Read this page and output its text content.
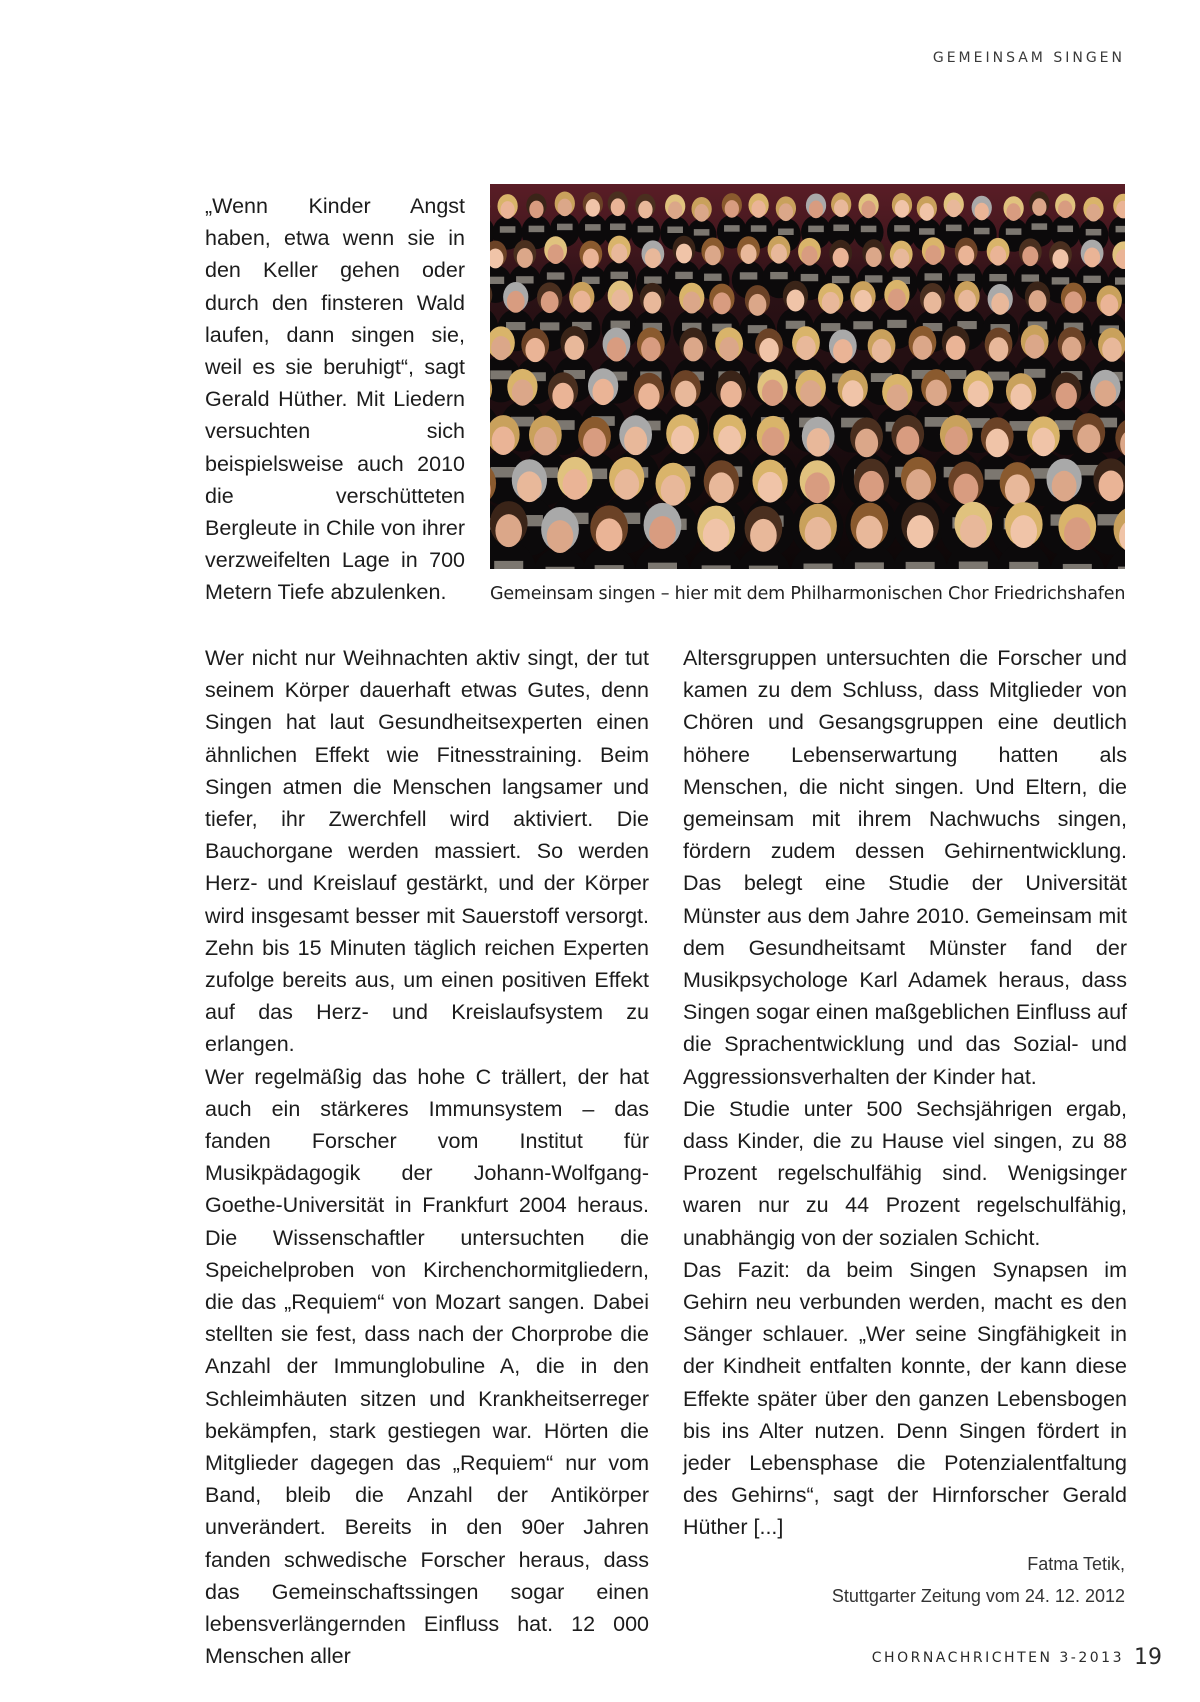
GEMEINSAM SINGEN

„Wenn Kinder Angst haben, etwa wenn sie in den Keller gehen oder durch den finsteren Wald laufen, dann singen sie, weil es sie beruhigt“, sagt Gerald Hüther. Mit Liedern versuchten sich beispielsweise auch 2010 die verschütteten Bergleute in Chile von ihrer verzweifelten Lage in 700 Metern Tiefe abzulenken.	Gemeinsam singen – hier mit dem Philharmonischen Chor Friedrichshafen

Wer nicht nur Weihnachten aktiv singt, der tut seinem Körper dauerhaft etwas Gutes, denn Singen hat laut Gesundheitsexperten einen ähnlichen Effekt wie Fitnesstraining. Beim Singen atmen die Menschen langsamer und tiefer, ihr Zwerchfell wird aktiviert. Die Bauchorgane werden massiert. So werden Herz- und Kreislauf gestärkt, und der Körper wird insgesamt besser mit Sauerstoff versorgt. Zehn bis 15 Minuten täglich reichen Experten zufolge bereits aus, um einen positiven Effekt auf das Herz- und Kreislaufsystem zu erlangen.

Wer regelmäßig das hohe C trällert, der hat auch ein stärkeres Immunsystem – das fanden Forscher vom Institut für Musikpädagogik der Johann-Wolfgang-Goethe-Universität in Frankfurt 2004 heraus. Die Wissenschaftler untersuchten die Speichelproben von Kirchenchormitgliedern, die das „Requiem“ von Mozart sangen. Dabei stellten sie fest, dass nach der Chorprobe die Anzahl der Immunglobuline A, die in den Schleimhäuten sitzen und Krankheitserreger bekämpfen, stark gestiegen war. Hörten die Mitglieder dagegen das „Requiem“ nur vom Band, bleib die Anzahl der Antikörper unverändert. Bereits in den 90er Jahren fanden schwedische Forscher heraus, dass das Gemeinschaftssingen sogar einen lebensverlängernden Einfluss hat. 12 000 Menschen aller

Altersgruppen untersuchten die Forscher und kamen zu dem Schluss, dass Mitglieder von Chören und Gesangsgruppen eine deutlich höhere Lebenserwartung hatten als Menschen, die nicht singen. Und Eltern, die gemeinsam mit ihrem Nachwuchs singen, fördern zudem dessen Gehirnentwicklung. Das belegt eine Studie der Universität Münster aus dem Jahre 2010. Gemeinsam mit dem Gesundheitsamt Münster fand der Musikpsychologe Karl Adamek heraus, dass Singen sogar einen maßgeblichen Einfluss auf die Sprachentwicklung und das Sozial- und Aggressionsverhalten der Kinder hat.

Die Studie unter 500 Sechsjährigen ergab, dass Kinder, die zu Hause viel singen, zu 88 Prozent regelschulfähig sind. Wenigsinger waren nur zu 44 Prozent regelschulfähig, unabhängig von der sozialen Schicht.

Das Fazit: da beim Singen Synapsen im Gehirn neu verbunden werden, macht es den Sänger schlauer. „Wer seine Singfähigkeit in der Kindheit entfalten konnte, der kann diese Effekte später über den ganzen Lebensbogen bis ins Alter nutzen. Denn Singen fördert in jeder Lebensphase die Potenzialentfaltung des Gehirns“, sagt der Hirnforscher Gerald Hüther [...]

Fatma Tetik,
Stuttgarter Zeitung vom 24. 12. 2012
CHORNACHRICHTEN 3-2013 19
